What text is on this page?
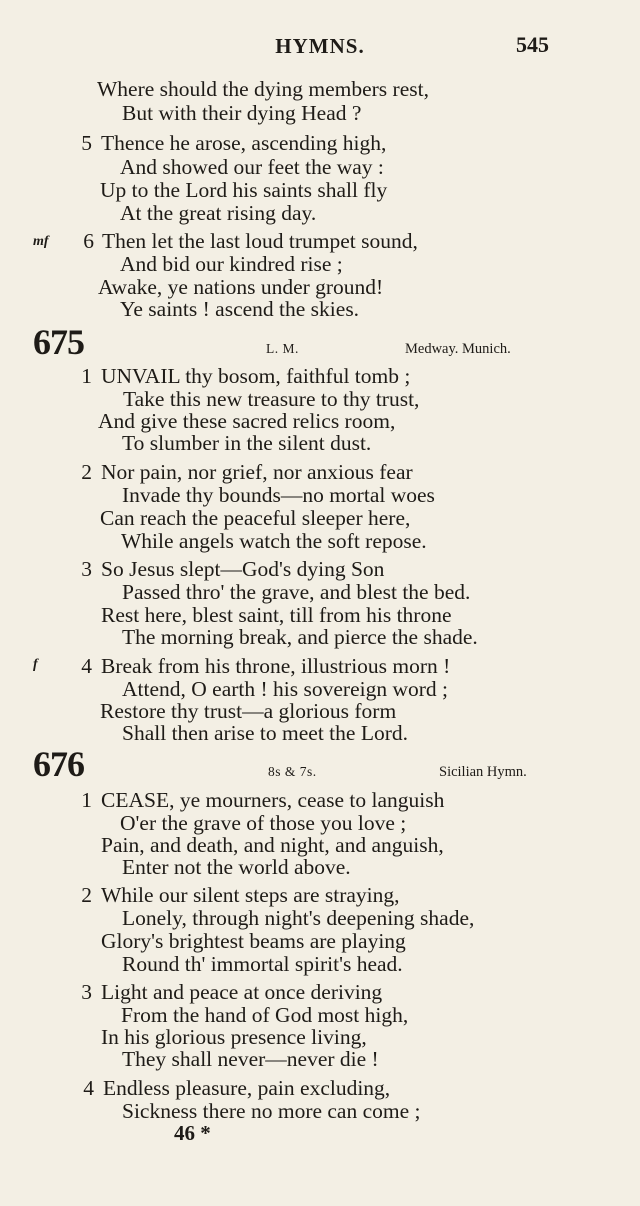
HYMNS.	545
Where should the dying members rest,
But with their dying Head ?
5 Thence he arose, ascending high,
And showed our feet the way :
Up to the Lord his saints shall fly
At the great rising day.
mf	6 Then let the last loud trumpet sound,
And bid our kindred rise ;
Awake, ye nations under ground!
Ye saints ! ascend the skies.
675	L. M.	Medway. Munich.
1 UNVAIL thy bosom, faithful tomb ;
Take this new treasure to thy trust,
And give these sacred relics room,
To slumber in the silent dust.
2 Nor pain, nor grief, nor anxious fear
Invade thy bounds—no mortal woes
Can reach the peaceful sleeper here,
While angels watch the soft repose.
3 So Jesus slept—God's dying Son
Passed thro' the grave, and blest the bed.
Rest here, blest saint, till from his throne
The morning break, and pierce the shade.
f	4 Break from his throne, illustrious morn !
Attend, O earth ! his sovereign word ;
Restore thy trust—a glorious form
Shall then arise to meet the Lord.
676	8s & 7s.	Sicilian Hymn.
1 CEASE, ye mourners, cease to languish
O'er the grave of those you love ;
Pain, and death, and night, and anguish,
Enter not the world above.
2 While our silent steps are straying,
Lonely, through night's deepening shade,
Glory's brightest beams are playing
Round th' immortal spirit's head.
3 Light and peace at once deriving
From the hand of God most high,
In his glorious presence living,
They shall never—never die !
4 Endless pleasure, pain excluding,
Sickness there no more can come ;
46 *
